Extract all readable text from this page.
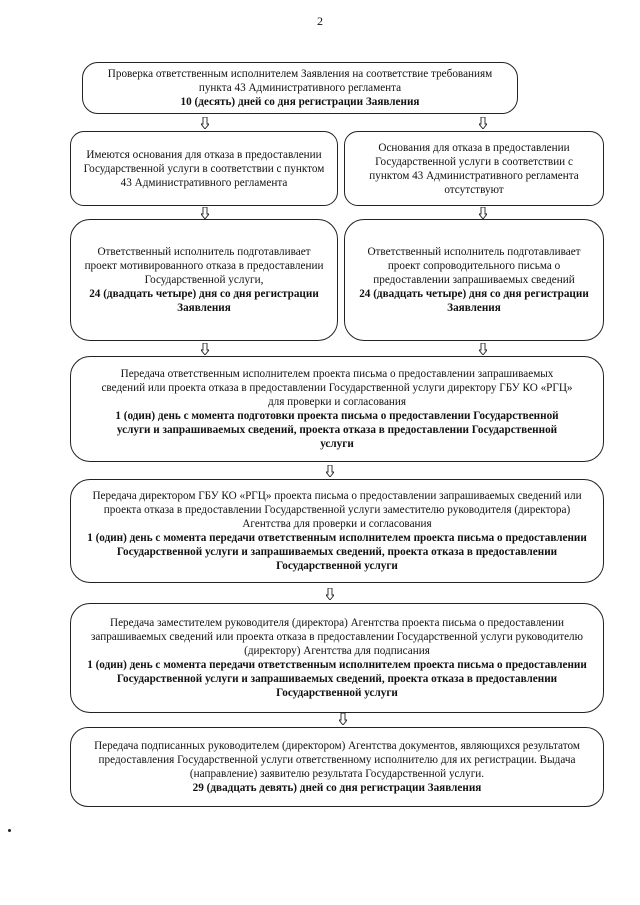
2

Проверка ответственным исполнителем Заявления на соответствие требованиям пункта 43 Административного регламента

10 (десять) дней со дня регистрации Заявления

Имеются основания для отказа в предоставлении Государственной услуги в соответствии с пунктом 43 Административного регламента

Основания для отказа в предоставлении Государственной услуги в соответствии с пунктом 43 Административного регламента отсутствуют

Ответственный исполнитель подготавливает проект мотивированного отказа в предоставлении Государственной услуги,

24 (двадцать четыре) дня со дня регистрации Заявления

Ответственный исполнитель подготавливает проект сопроводительного письма о предоставлении запрашиваемых сведений

24 (двадцать четыре) дня со дня регистрации Заявления

Передача ответственным исполнителем проекта письма о предоставлении запрашиваемых сведений или проекта отказа в предоставлении Государственной услуги директору ГБУ КО «РГЦ» для проверки и согласования

1 (один) день с момента подготовки проекта письма о предоставлении Государственной услуги и запрашиваемых сведений, проекта отказа в предоставлении Государственной услуги

Передача директором ГБУ КО «РГЦ» проекта письма о предоставлении запрашиваемых сведений или проекта отказа в предоставлении Государственной услуги заместителю руководителя (директора) Агентства для проверки и согласования

1 (один) день с момента передачи ответственным исполнителем проекта письма о предоставлении Государственной услуги и запрашиваемых сведений, проекта отказа в предоставлении Государственной услуги

Передача заместителем руководителя (директора) Агентства проекта письма о предоставлении запрашиваемых сведений или проекта отказа в предоставлении Государственной услуги руководителю (директору) Агентства для подписания

1 (один) день с момента передачи ответственным исполнителем проекта письма о предоставлении Государственной услуги и запрашиваемых сведений, проекта отказа в предоставлении Государственной услуги

Передача подписанных руководителем (директором) Агентства документов, являющихся результатом предоставления Государственной услуги ответственному исполнителю для их регистрации. Выдача (направление) заявителю результата Государственной услуги.

29 (двадцать девять) дней со дня регистрации Заявления
